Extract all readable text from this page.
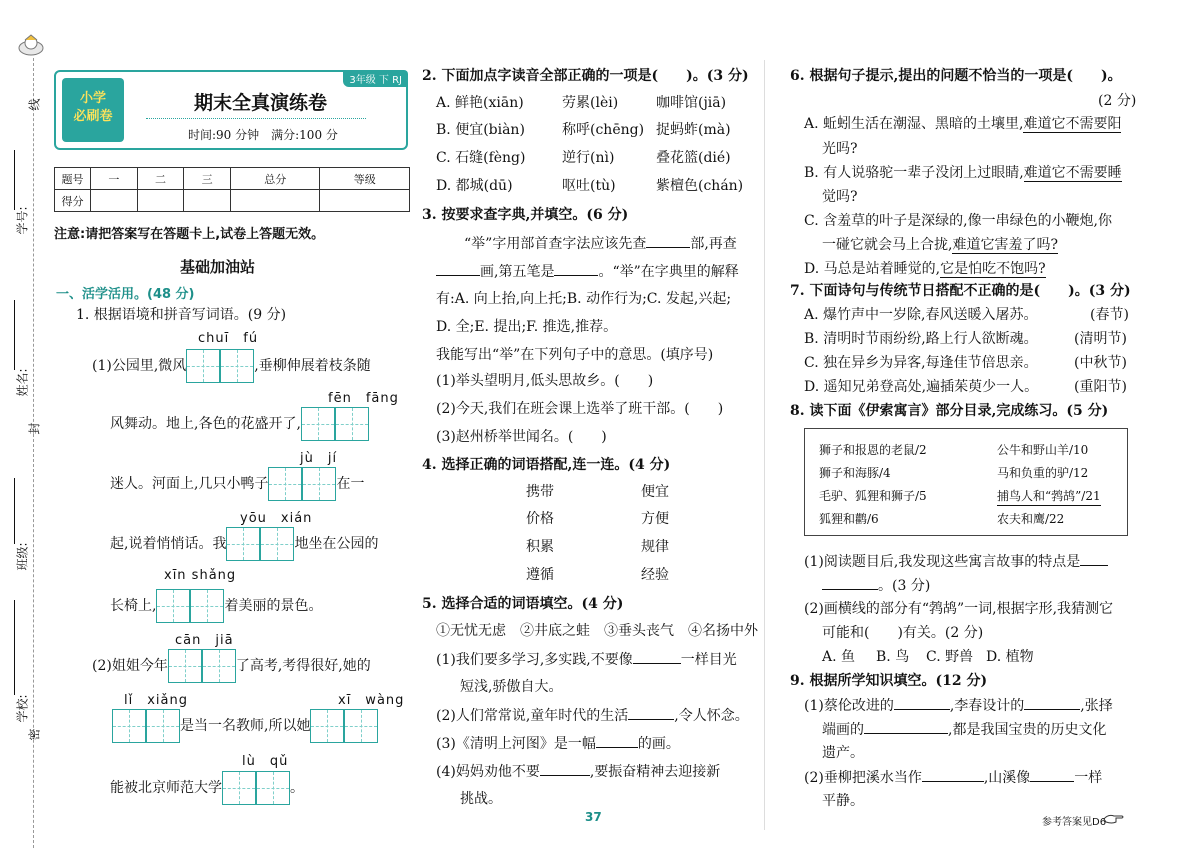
线
学号:
姓名:
封
班级:
学校:
密
小学
必刷卷
3年级 下 RJ
期末全真演练卷
时间:90 分钟　满分:100 分
题号	一	二	三	总分	等级
得分					
注意:请把答案写在答题卡上,试卷上答题无效。
基础加油站
一、活学活用。(48 分)
1. 根据语境和拼音写词语。(9 分)
chuī　fú
(1)公园里,微风	,垂柳伸展着枝条随
fēn　fāng
风舞动。地上,各色的花盛开了,
jù　jí
迷人。河面上,几只小鸭子	在一
yōu　xián
起,说着悄悄话。我	地坐在公园的
xīn shǎng
长椅上,	着美丽的景色。
cān　jiā
(2)姐姐今年	了高考,考得很好,她的
lǐ　xiǎng	xī　wàng
是当一名教师,所以她
lù　qǔ
能被北京师范大学	。
2. 下面加点字读音全部正确的一项是(　　)。(3 分)
A. 鲜艳(xiān)	劳累(lèi)	咖啡馆(jiā)
B. 便宜(biàn)	称呼(chēng) 捉蚂蚱(mà)
C. 石缝(fèng)	逆行(nì)	叠花篮(dié)
D. 都城(dū)	呕吐(tù)	紫檀色(chán)
3. 按要求查字典,并填空。(6 分)
“举”字用部首查字法应该先查	部,再查
画,第五笔是	。“举”在字典里的解释
有:A. 向上抬,向上托;B. 动作行为;C. 发起,兴起;
D. 全;E. 提出;F. 推选,推荐。
我能写出“举”在下列句子中的意思。(填序号)
(1)举头望明月,低头思故乡。(　　)
(2)今天,我们在班会课上选举了班干部。(　　)
(3)赵州桥举世闻名。(　　)
4. 选择正确的词语搭配,连一连。(4 分)
携带
价格
积累
遵循
便宜
方便
规律
经验
5. 选择合适的词语填空。(4 分)
①无忧无虑　②井底之蛙　③垂头丧气　④名扬中外
(1)我们要多学习,多实践,不要像	一样目光
短浅,骄傲自大。
(2)人们常常说,童年时代的生活	,令人怀念。
(3)《清明上河图》是一幅	的画。
(4)妈妈劝他不要	,要振奋精神去迎接新
挑战。
37
6. 根据句子提示,提出的问题不恰当的一项是(　　)。
(2 分)
A. 蚯蚓生活在潮湿、黑暗的土壤里,难道它不需要阳
光吗?
B. 有人说骆驼一辈子没闭上过眼睛,难道它不需要睡
觉吗?
C. 含羞草的叶子是深绿的,像一串绿色的小鞭炮,你
一碰它就会马上合拢,难道它害羞了吗?
D. 马总是站着睡觉的,它是怕吃不饱吗?
7. 下面诗句与传统节日搭配不正确的是(　　)。(3 分)
A. 爆竹声中一岁除,春风送暖入屠苏。	(春节)
B. 清明时节雨纷纷,路上行人欲断魂。	(清明节)
C. 独在异乡为异客,每逢佳节倍思亲。	(中秋节)
D. 遥知兄弟登高处,遍插茱萸少一人。	(重阳节)
8. 读下面《伊索寓言》部分目录,完成练习。(5 分)
狮子和报恩的老鼠/2	公牛和野山羊/10
狮子和海豚/4	马和负重的驴/12
毛驴、狐狸和狮子/5	捕鸟人和“鹁鸪”/21
狐狸和鹳/6	农夫和鹰/22
(1)阅读题目后,我发现这些寓言故事的特点是
。(3 分)
(2)画横线的部分有“鹁鸪”一词,根据字形,我猜测它
可能和(　　)有关。(2 分)
A. 鱼 B. 鸟 C. 野兽 D. 植物
9. 根据所学知识填空。(12 分)
(1)蔡伦改进的	,李春设计的	,张择
端画的	,都是我国宝贵的历史文化
遗产。
(2)垂柳把溪水当作	,山溪像	一样
平静。
参考答案见D6
